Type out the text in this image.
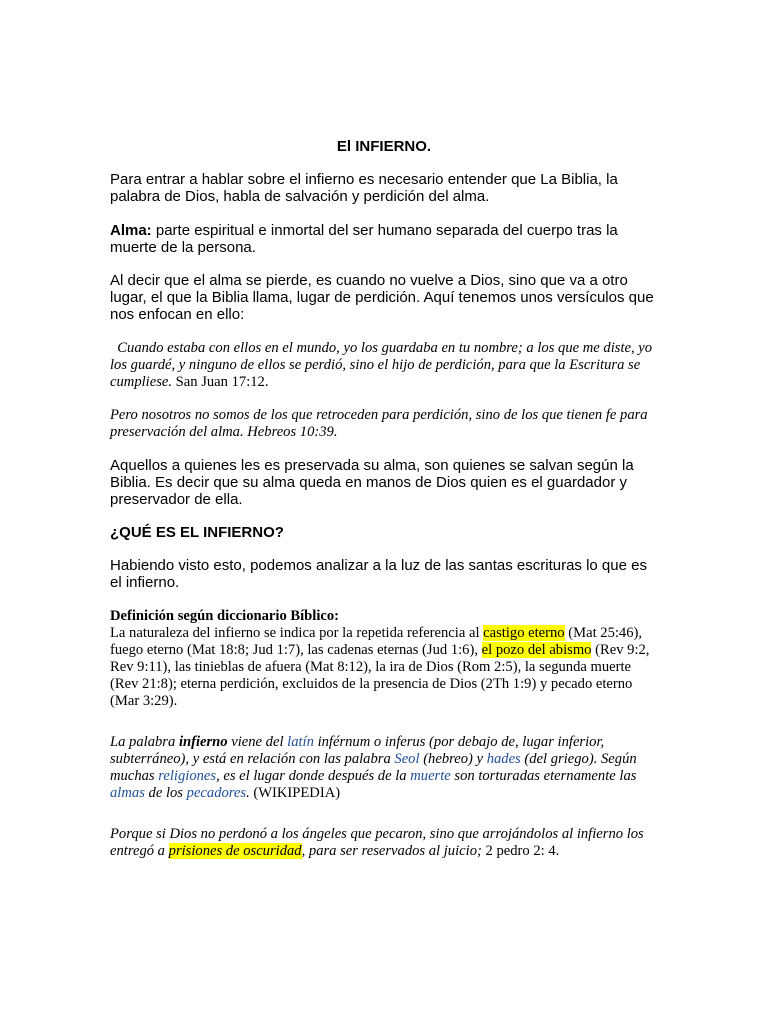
El INFIERNO.

Para entrar a hablar sobre el infierno es necesario entender que La Biblia, la palabra de Dios, habla de salvación y perdición del alma.

Alma: parte espiritual e inmortal del ser humano separada del cuerpo tras la muerte de la persona.

Al decir que el alma se pierde, es cuando no vuelve a Dios, sino que va a otro lugar, el que la Biblia llama, lugar de perdición. Aquí tenemos unos versículos que nos enfocan en ello:

Cuando estaba con ellos en el mundo, yo los guardaba en tu nombre; a los que me diste, yo los guardé, y ninguno de ellos se perdió, sino el hijo de perdición, para que la Escritura se cumpliese. San Juan 17:12.

Pero nosotros no somos de los que retroceden para perdición, sino de los que tienen fe para preservación del alma. Hebreos 10:39.

Aquellos a quienes les es preservada su alma, son quienes se salvan según la Biblia. Es decir que su alma queda en manos de Dios quien es el guardador y preservador de ella.

¿QUÉ ES EL INFIERNO?

Habiendo visto esto, podemos analizar a la luz de las santas escrituras lo que es el infierno.

Definición según diccionario Bíblico:
La naturaleza del infierno se indica por la repetida referencia al castigo eterno (Mat 25:46), fuego eterno (Mat 18:8; Jud 1:7), las cadenas eternas (Jud 1:6), el pozo del abismo (Rev 9:2, Rev 9:11), las tinieblas de afuera (Mat 8:12), la ira de Dios (Rom 2:5), la segunda muerte (Rev 21:8); eterna perdición, excluidos de la presencia de Dios (2Th 1:9) y pecado eterno (Mar 3:29).

La palabra infierno viene del latín inférnum o inferus (por debajo de, lugar inferior, subterráneo), y está en relación con las palabra Seol (hebreo) y hades (del griego). Según muchas religiones, es el lugar donde después de la muerte son torturadas eternamente las almas de los pecadores. (WIKIPEDIA)

Porque si Dios no perdonó a los ángeles que pecaron, sino que arrojándolos al infierno los entregó a prisiones de oscuridad, para ser reservados al juicio; 2 pedro 2: 4.
